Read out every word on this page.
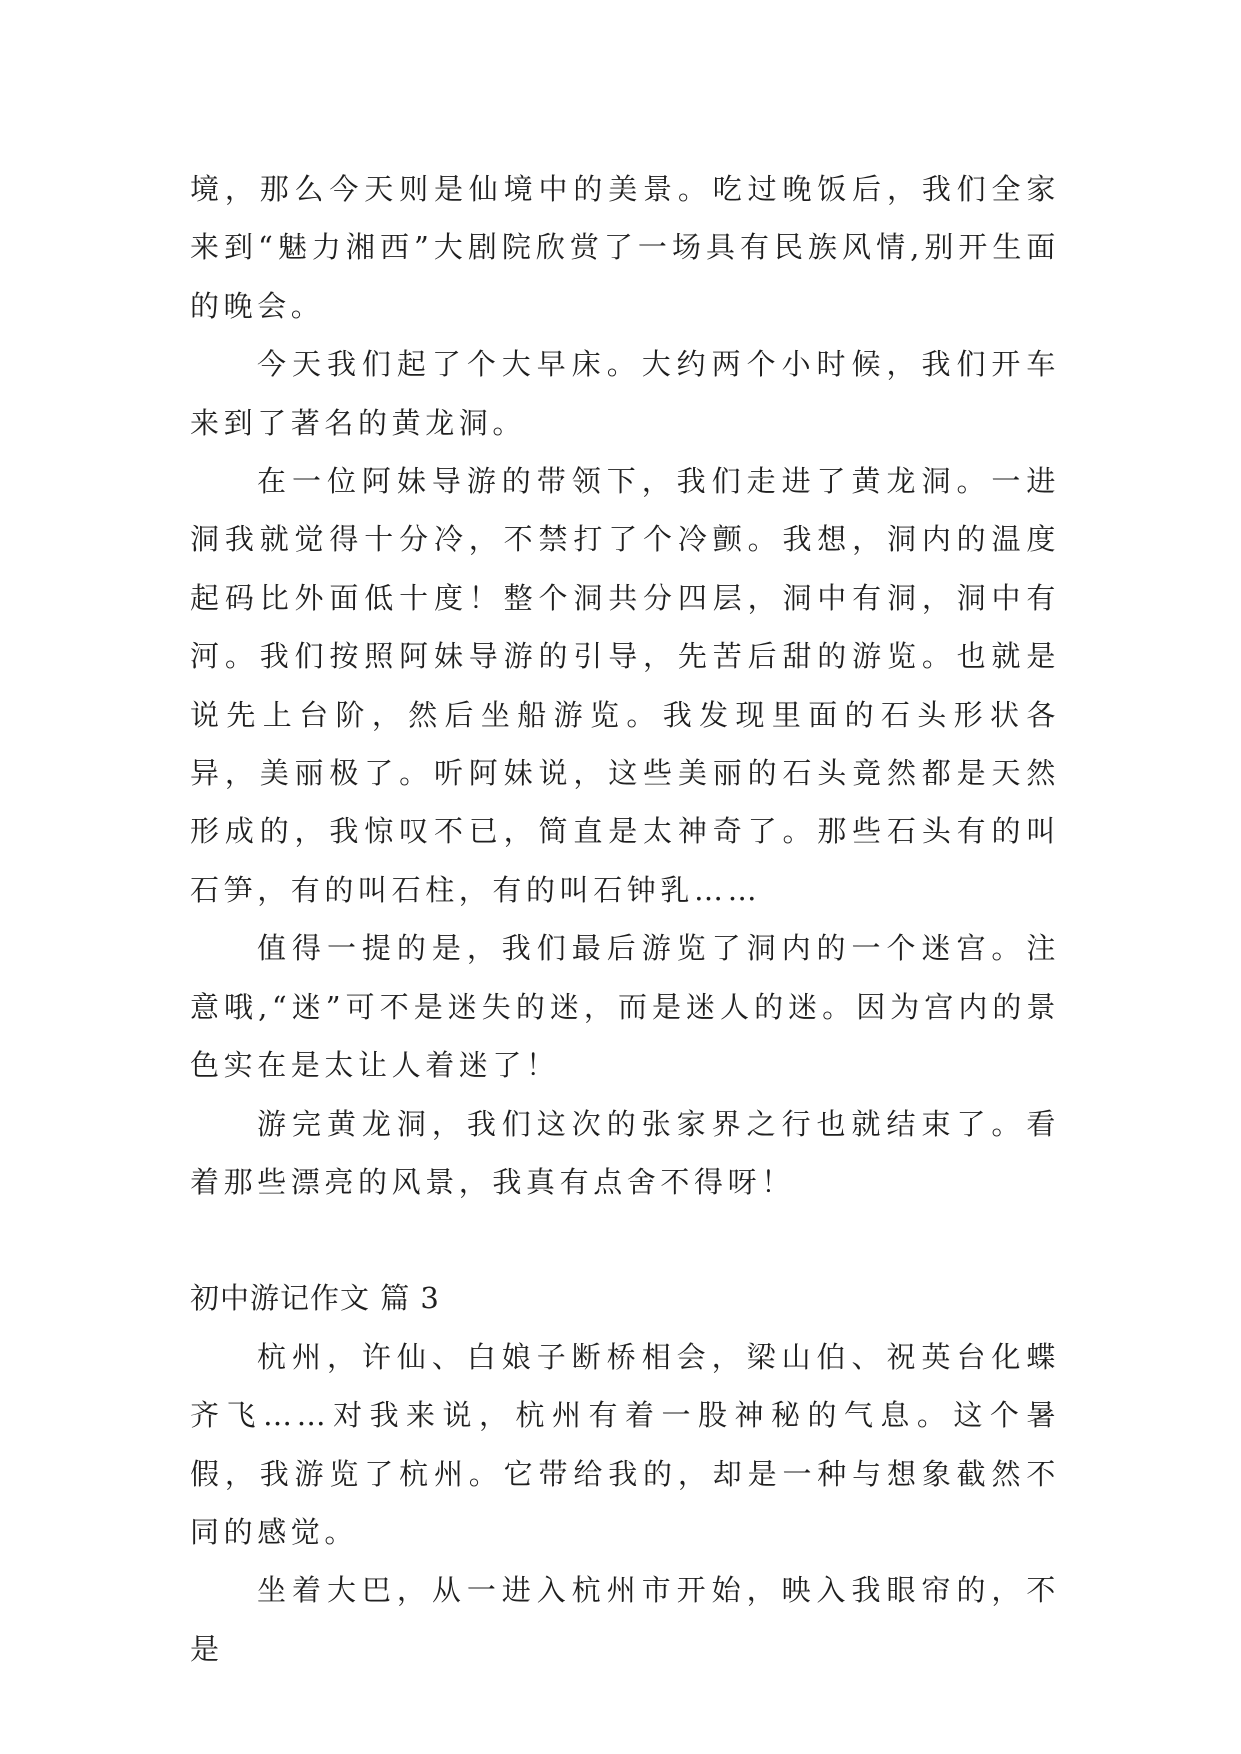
境，那么今天则是仙境中的美景。吃过晚饭后，我们全家来到“魅力湘西”大剧院欣赏了一场具有民族风情,别开生面的晚会。

今天我们起了个大早床。大约两个小时候，我们开车来到了著名的黄龙洞。

在一位阿妹导游的带领下，我们走进了黄龙洞。一进洞我就觉得十分冷，不禁打了个冷颤。我想，洞内的温度起码比外面低十度！整个洞共分四层，洞中有洞，洞中有河。我们按照阿妹导游的引导，先苦后甜的游览。也就是说先上台阶，然后坐船游览。我发现里面的石头形状各异，美丽极了。听阿妹说，这些美丽的石头竟然都是天然形成的，我惊叹不已，简直是太神奇了。那些石头有的叫石笋，有的叫石柱，有的叫石钟乳……

值得一提的是，我们最后游览了洞内的一个迷宫。注意哦,“迷”可不是迷失的迷，而是迷人的迷。因为宫内的景色实在是太让人着迷了！

游完黄龙洞，我们这次的张家界之行也就结束了。看着那些漂亮的风景，我真有点舍不得呀！

初中游记作文 篇 3

杭州，许仙、白娘子断桥相会，梁山伯、祝英台化蝶齐飞……对我来说，杭州有着一股神秘的气息。这个暑假，我游览了杭州。它带给我的，却是一种与想象截然不同的感觉。

坐着大巴，从一进入杭州市开始，映入我眼帘的，不是
